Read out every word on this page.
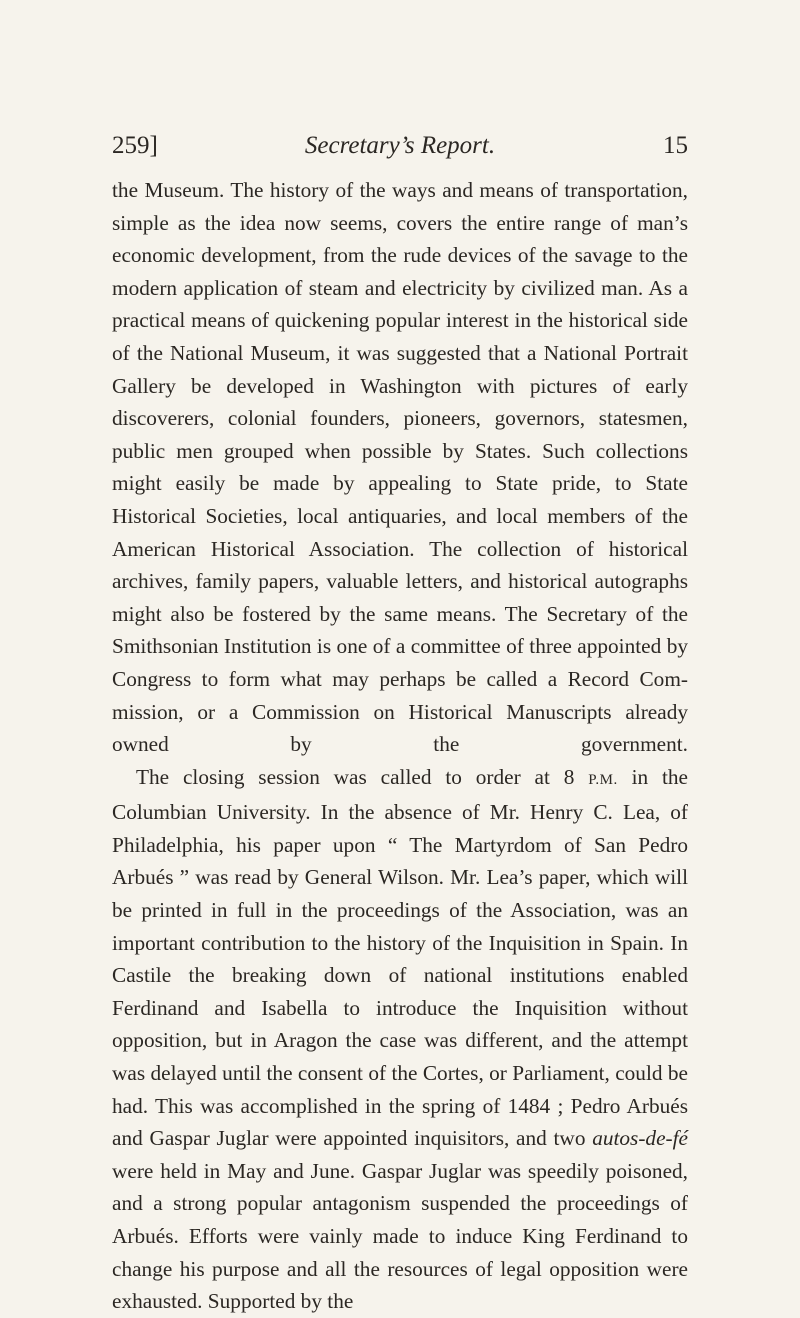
259]	Secretary’s Report.	15

the Museum. The history of the ways and means of transportation, simple as the idea now seems, covers the entire range of man’s economic development, from the rude devices of the savage to the modern application of steam and electricity by civilized man. As a practical means of quickening popular interest in the historical side of the National Museum, it was suggested that a National Portrait Gallery be developed in Washington with pictures of early discoverers, colonial founders, pioneers, governors, statesmen, public men grouped when possible by States. Such collections might easily be made by appealing to State pride, to State Historical Societies, local antiquaries, and local members of the American Historical Association. The collection of historical archives, family papers, valuable letters, and historical autographs might also be fostered by the same means. The Secretary of the Smithsonian Institution is one of a committee of three appointed by Congress to form what may perhaps be called a Record Commission, or a Commission on Historical Manuscripts already owned by the government.

The closing session was called to order at 8 P.M. in the Columbian University. In the absence of Mr. Henry C. Lea, of Philadelphia, his paper upon “ The Martyrdom of San Pedro Arbués ” was read by General Wilson. Mr. Lea’s paper, which will be printed in full in the proceedings of the Association, was an important contribution to the history of the Inquisition in Spain. In Castile the breaking down of national institutions enabled Ferdinand and Isabella to introduce the Inquisition without opposition, but in Aragon the case was different, and the attempt was delayed until the consent of the Cortes, or Parliament, could be had. This was accomplished in the spring of 1484 ; Pedro Arbués and Gaspar Juglar were appointed inquisitors, and two autos-de-fé were held in May and June. Gaspar Juglar was speedily poisoned, and a strong popular antagonism suspended the proceedings of Arbués. Efforts were vainly made to induce King Ferdinand to change his purpose and all the resources of legal opposition were exhausted. Supported by the
